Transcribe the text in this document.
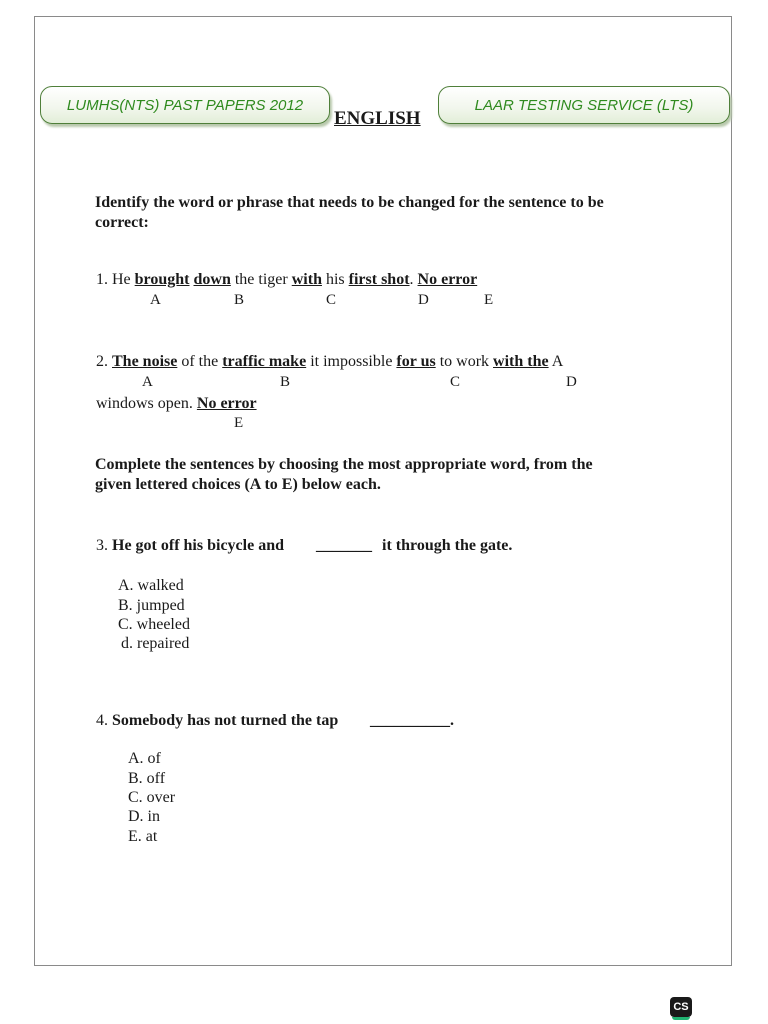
LUMHS(NTS) PAST PAPERS 2012
ENGLISH
LAAR TESTING SERVICE (LTS)
Identify the word or phrase that needs to be changed for the sentence to be
correct:
1. He brought down the tiger with his first shot. No error
A	B	C	D	E
2. The noise of the traffic make it impossible for us to work with the A
A	B	C	D
windows open. No error
E
Complete the sentences by choosing the most appropriate word, from the
given lettered choices (A to E) below each.
3. He got off his bicycle and _______ it through the gate.
A. walked
B. jumped
C. wheeled
d. repaired
4. Somebody has not turned the tap __________.
A. of
B. off
C. over
D. in
E. at
CS
